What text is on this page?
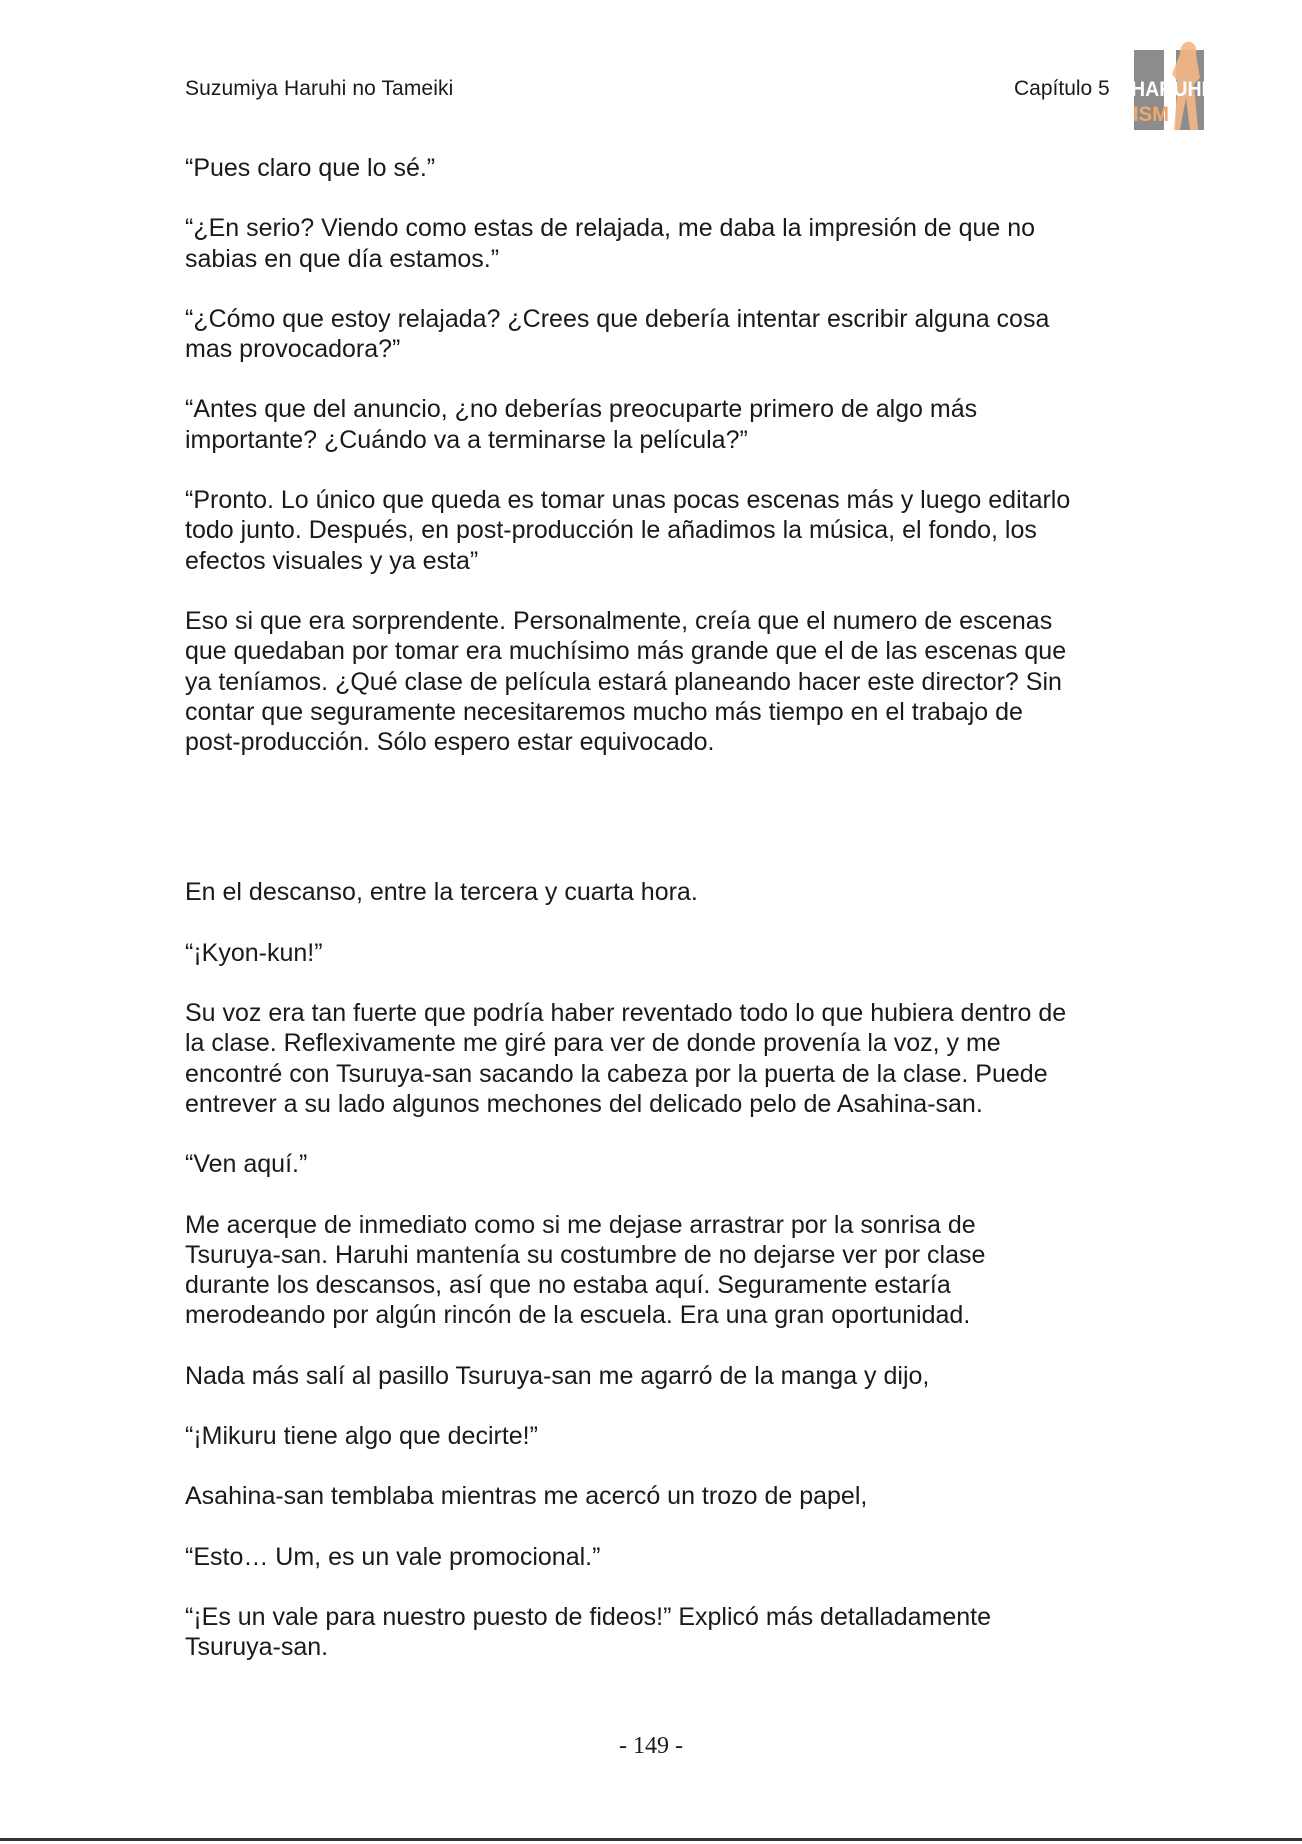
Suzumiya Haruhi no Tameiki	Capítulo 5 HARUHI
ISM

“Pues claro que lo sé.”

“¿En serio? Viendo como estas de relajada, me daba la impresión de que no
sabias en que día estamos.”

“¿Cómo que estoy relajada? ¿Crees que debería intentar escribir alguna cosa
mas provocadora?”

“Antes que del anuncio, ¿no deberías preocuparte primero de algo más
importante? ¿Cuándo va a terminarse la película?”

“Pronto. Lo único que queda es tomar unas pocas escenas más y luego editarlo
todo junto. Después, en post-producción le añadimos la música, el fondo, los
efectos visuales y ya esta”

Eso si que era sorprendente. Personalmente, creía que el numero de escenas
que quedaban por tomar era muchísimo más grande que el de las escenas que
ya teníamos. ¿Qué clase de película estará planeando hacer este director? Sin
contar que seguramente necesitaremos mucho más tiempo en el trabajo de
post-producción. Sólo espero estar equivocado.

En el descanso, entre la tercera y cuarta hora.

“¡Kyon-kun!”

Su voz era tan fuerte que podría haber reventado todo lo que hubiera dentro de
la clase. Reflexivamente me giré para ver de donde provenía la voz, y me
encontré con Tsuruya-san sacando la cabeza por la puerta de la clase. Puede
entrever a su lado algunos mechones del delicado pelo de Asahina-san.

“Ven aquí.”

Me acerque de inmediato como si me dejase arrastrar por la sonrisa de
Tsuruya-san. Haruhi mantenía su costumbre de no dejarse ver por clase
durante los descansos, así que no estaba aquí. Seguramente estaría
merodeando por algún rincón de la escuela. Era una gran oportunidad.

Nada más salí al pasillo Tsuruya-san me agarró de la manga y dijo,

“¡Mikuru tiene algo que decirte!”

Asahina-san temblaba mientras me acercó un trozo de papel,

“Esto… Um, es un vale promocional.”

“¡Es un vale para nuestro puesto de fideos!” Explicó más detalladamente
Tsuruya-san.

- 149 -
